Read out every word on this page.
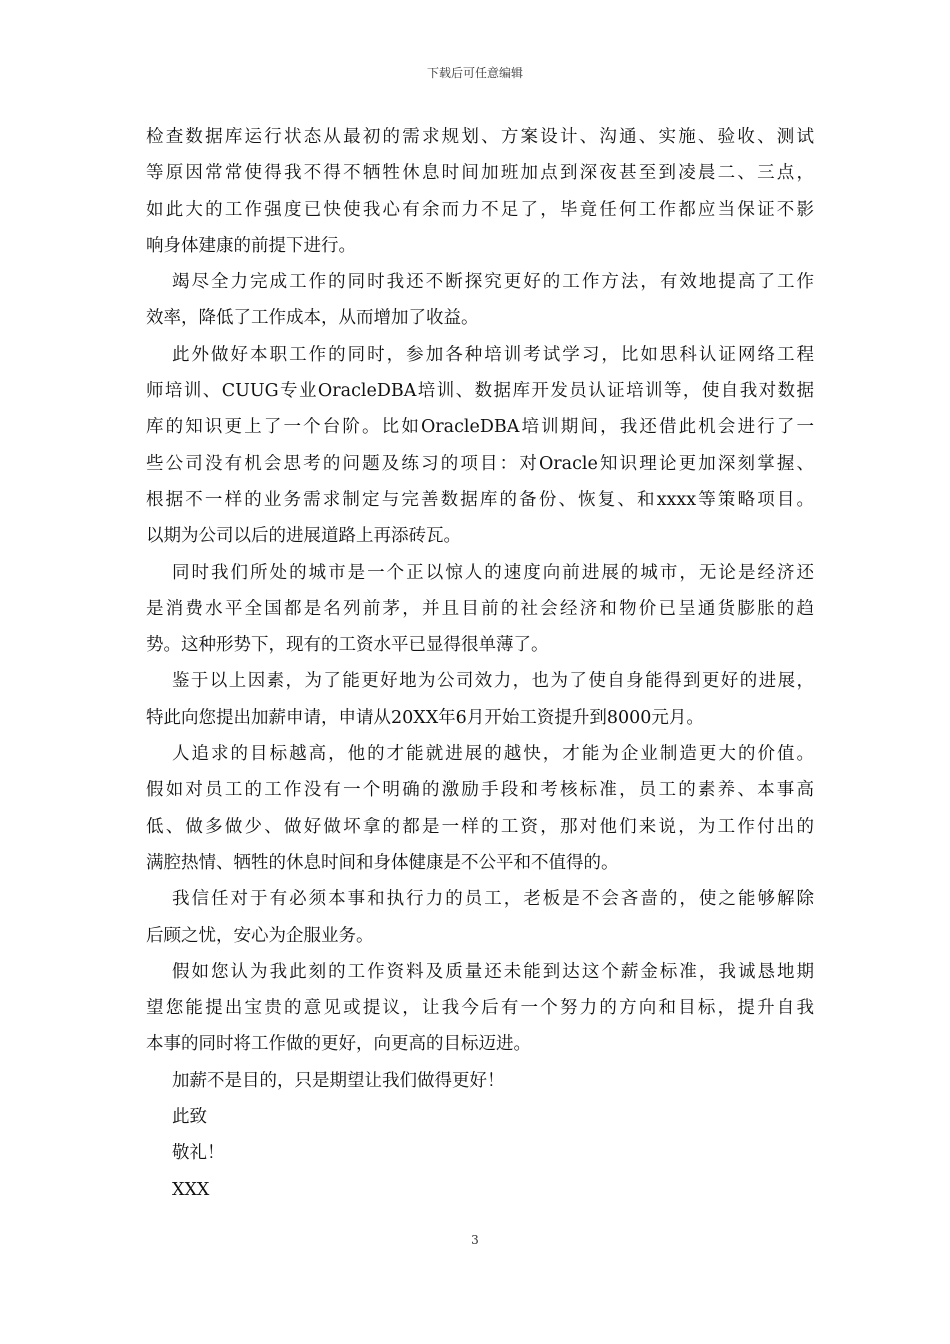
下载后可任意编辑
检查数据库运行状态从最初的需求规划、方案设计、沟通、实施、验收、测试
等原因常常使得我不得不牺牲休息时间加班加点到深夜甚至到凌晨二、三点，
如此大的工作强度已快使我心有余而力不足了，毕竟任何工作都应当保证不影
响身体建康的前提下进行。
竭尽全力完成工作的同时我还不断探究更好的工作方法，有效地提高了工作
效率，降低了工作成本，从而增加了收益。
此外做好本职工作的同时，参加各种培训考试学习，比如思科认证网络工程
师培训、CUUG专业OracleDBA培训、数据库开发员认证培训等，使自我对数据
库的知识更上了一个台阶。比如OracleDBA培训期间，我还借此机会进行了一
些公司没有机会思考的问题及练习的项目：对Oracle知识理论更加深刻掌握、
根据不一样的业务需求制定与完善数据库的备份、恢复、和xxxx等策略项目。
以期为公司以后的进展道路上再添砖瓦。
同时我们所处的城市是一个正以惊人的速度向前进展的城市，无论是经济还
是消费水平全国都是名列前茅，并且目前的社会经济和物价已呈通货膨胀的趋
势。这种形势下，现有的工资水平已显得很单薄了。
鉴于以上因素，为了能更好地为公司效力，也为了使自身能得到更好的进展，
特此向您提出加薪申请，申请从20XX年6月开始工资提升到8000元月。
人追求的目标越高，他的才能就进展的越快，才能为企业制造更大的价值。
假如对员工的工作没有一个明确的激励手段和考核标准，员工的素养、本事高
低、做多做少、做好做坏拿的都是一样的工资，那对他们来说，为工作付出的
满腔热情、牺牲的休息时间和身体健康是不公平和不值得的。
我信任对于有必须本事和执行力的员工，老板是不会吝啬的，使之能够解除
后顾之忧，安心为企服业务。
假如您认为我此刻的工作资料及质量还未能到达这个薪金标准，我诚恳地期
望您能提出宝贵的意见或提议，让我今后有一个努力的方向和目标，提升自我
本事的同时将工作做的更好，向更高的目标迈进。
加薪不是目的，只是期望让我们做得更好！
此致
敬礼！
XXX
3
